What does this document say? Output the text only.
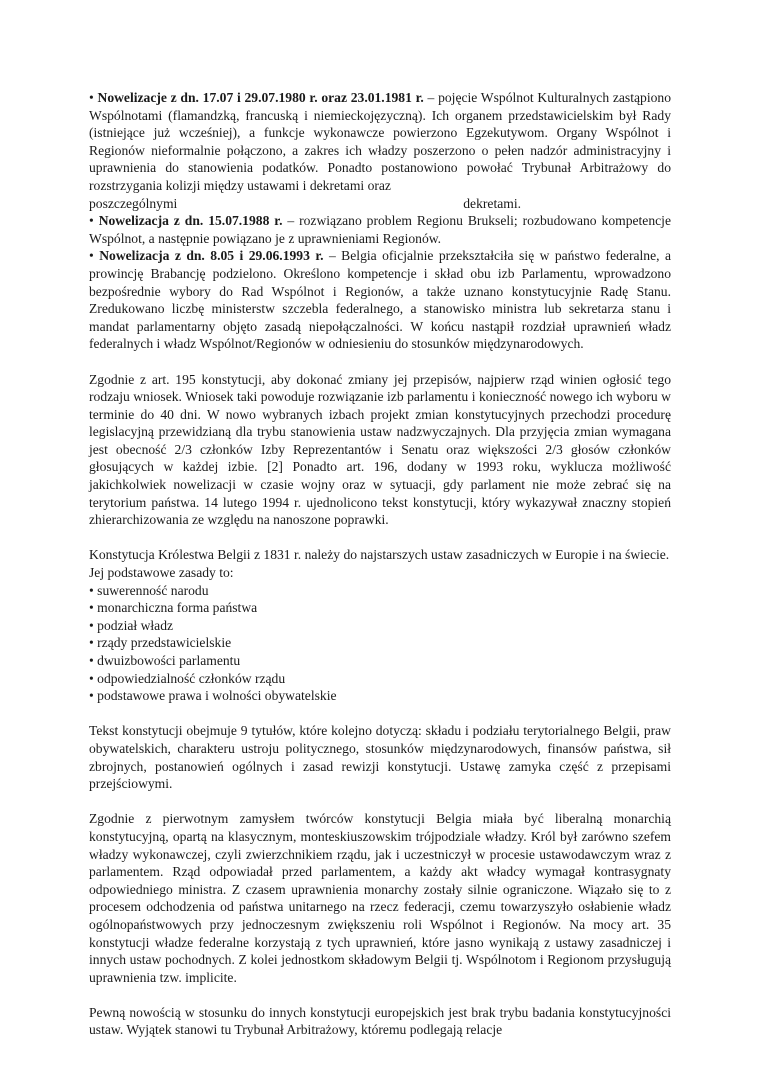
• Nowelizacje z dn. 17.07 i 29.07.1980 r. oraz 23.01.1981 r. – pojęcie Wspólnot Kulturalnych zastąpiono Wspólnotami (flamandzką, francuską i niemieckojęzyczną). Ich organem przedstawicielskim był Rady (istniejące już wcześniej), a funkcje wykonawcze powierzono Egzekutywom. Organy Wspólnot i Regionów nieformalnie połączono, a zakres ich władzy poszerzono o pełen nadzór administracyjny i uprawnienia do stanowienia podatków. Ponadto postanowiono powołać Trybunał Arbitrażowy do rozstrzygania kolizji między ustawami i dekretami oraz

poszczególnymi	dekretami.

• Nowelizacja z dn. 15.07.1988 r. – rozwiązano problem Regionu Brukseli; rozbudowano kompetencje Wspólnot, a następnie powiązano je z uprawnieniami Regionów.

• Nowelizacja z dn. 8.05 i 29.06.1993 r. – Belgia oficjalnie przekształciła się w państwo federalne, a prowincję Brabancję podzielono. Określono kompetencje i skład obu izb Parlamentu, wprowadzono bezpośrednie wybory do Rad Wspólnot i Regionów, a także uznano konstytucyjnie Radę Stanu. Zredukowano liczbę ministerstw szczebla federalnego, a stanowisko ministra lub sekretarza stanu i mandat parlamentarny objęto zasadą niepołączalności. W końcu nastąpił rozdział uprawnień władz federalnych i władz Wspólnot/Regionów w odniesieniu do stosunków międzynarodowych.

Zgodnie z art. 195 konstytucji, aby dokonać zmiany jej przepisów, najpierw rząd winien ogłosić tego rodzaju wniosek. Wniosek taki powoduje rozwiązanie izb parlamentu i konieczność nowego ich wyboru w terminie do 40 dni. W nowo wybranych izbach projekt zmian konstytucyjnych przechodzi procedurę legislacyjną przewidzianą dla trybu stanowienia ustaw nadzwyczajnych. Dla przyjęcia zmian wymagana jest obecność 2/3 członków Izby Reprezentantów i Senatu oraz większości 2/3 głosów członków głosujących w każdej izbie. [2] Ponadto art. 196, dodany w 1993 roku, wyklucza możliwość jakichkolwiek nowelizacji w czasie wojny oraz w sytuacji, gdy parlament nie może zebrać się na terytorium państwa. 14 lutego 1994 r. ujednolicono tekst konstytucji, który wykazywał znaczny stopień zhierarchizowania ze względu na nanoszone poprawki.

Konstytucja Królestwa Belgii z 1831 r. należy do najstarszych ustaw zasadniczych w Europie i na świecie. Jej podstawowe zasady to:

• suwerenność narodu
• monarchiczna forma państwa
• podział władz
• rządy przedstawicielskie
• dwuizbowości parlamentu
• odpowiedzialność członków rządu
• podstawowe prawa i wolności obywatelskie

Tekst konstytucji obejmuje 9 tytułów, które kolejno dotyczą: składu i podziału terytorialnego Belgii, praw obywatelskich, charakteru ustroju politycznego, stosunków międzynarodowych, finansów państwa, sił zbrojnych, postanowień ogólnych i zasad rewizji konstytucji. Ustawę zamyka część z przepisami przejściowymi.

Zgodnie z pierwotnym zamysłem twórców konstytucji Belgia miała być liberalną monarchią konstytucyjną, opartą na klasycznym, monteskiuszowskim trójpodziale władzy. Król był zarówno szefem władzy wykonawczej, czyli zwierzchnikiem rządu, jak i uczestniczył w procesie ustawodawczym wraz z parlamentem. Rząd odpowiadał przed parlamentem, a każdy akt władcy wymagał kontrasygnaty odpowiedniego ministra. Z czasem uprawnienia monarchy zostały silnie ograniczone. Wiązało się to z procesem odchodzenia od państwa unitarnego na rzecz federacji, czemu towarzyszyło osłabienie władz ogólnopaństwowych przy jednoczesnym zwiększeniu roli Wspólnot i Regionów. Na mocy art. 35 konstytucji władze federalne korzystają z tych uprawnień, które jasno wynikają z ustawy zasadniczej i innych ustaw pochodnych. Z kolei jednostkom składowym Belgii tj. Wspólnotom i Regionom przysługują uprawnienia tzw. implicite.

Pewną nowością w stosunku do innych konstytucji europejskich jest brak trybu badania konstytucyjności ustaw. Wyjątek stanowi tu Trybunał Arbitrażowy, któremu podlegają relacje
